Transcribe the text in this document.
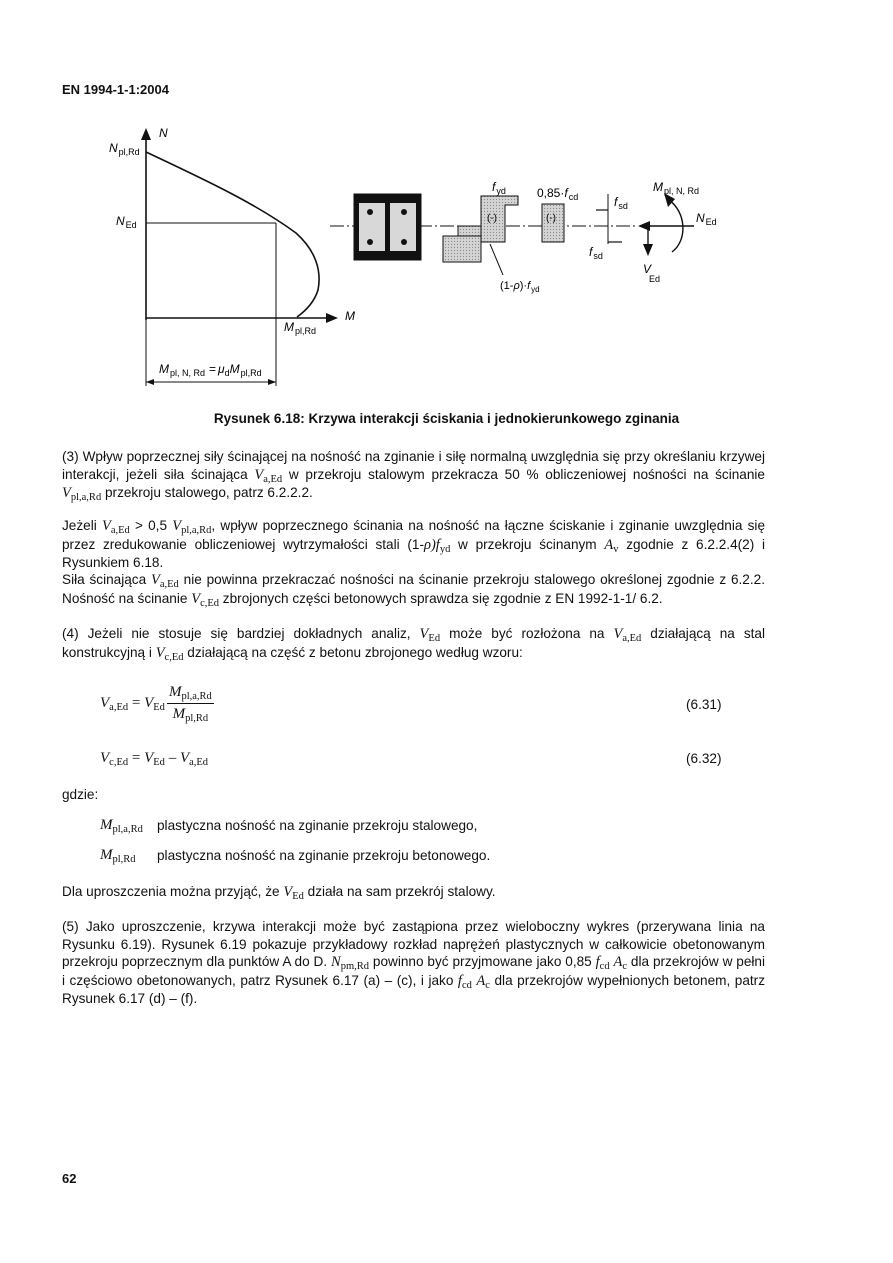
EN 1994-1-1:2004
N
M
$N_{pl,Rd}$
$N_{Ed}$
$M_{pl,Rd}$
$M_{pl, N, Rd} = \mu_dM_{pl,Rd}$
(-)
$f_{yd}$
$(1-\rho)\cdot f_{yd}$
(-)
$0,85\cdot f_{cd}$	$f_{sd}$
$f_{sd}$
$M_{pl, N, Rd}$
$N_{Ed}$
V Ed
Rysunek 6.18: Krzywa interakcji ściskania i jednokierunkowego zginania
(3) Wpływ poprzecznej siły ścinającej na nośność na zginanie i siłę normalną uwzględnia się przy określaniu krzywej interakcji, jeżeli siła ścinająca $V_{a,Ed}$ w przekroju stalowym przekracza 50 % obliczeniowej nośności na ścinanie $V_{pl,a,Rd}$ przekroju stalowego, patrz 6.2.2.2.
Jeżeli $V_{a,Ed} > 0,5$ $V_{pl,a,Rd}$, wpływ poprzecznego ścinania na nośność na łączne ściskanie i zginanie uwzględnia się przez zredukowanie obliczeniowej wytrzymałości stali $(1-\rho)f_{yd}$ w przekroju ścinanym $A_v$ zgodnie z 6.2.2.4(2) i Rysunkiem 6.18.
Siła ścinająca $V_{a,Ed}$ nie powinna przekraczać nośności na ścinanie przekroju stalowego określonej zgodnie z 6.2.2. Nośność na ścinanie $V_{c,Ed}$ zbrojonych części betonowych sprawdza się zgodnie z EN 1992-1-1/ 6.2.
(4) Jeżeli nie stosuje się bardziej dokładnych analiz, $V_{Ed}$ może być rozłożona na $V_{a,Ed}$ działającą na stal konstrukcyjną i $V_{c,Ed}$ działającą na część z betonu zbrojonego według wzoru:
$V_{a,Ed} = V_{Ed} \frac{M_{pl,a,Rd}}{M_{pl,Rd}}$	(6.31)
$V_{c,Ed} = V_{Ed} - V_{a,Ed}$	(6.32)
gdzie:
$M_{pl,a,Rd}$ plastyczna nośność na zginanie przekroju stalowego,
$M_{pl,Rd}$ plastyczna nośność na zginanie przekroju betonowego.
Dla uproszczenia można przyjąć, że $V_{Ed}$ działa na sam przekrój stalowy.
(5) Jako uproszczenie, krzywa interakcji może być zastąpiona przez wieloboczny wykres (przerywana linia na Rysunku 6.19). Rysunek 6.19 pokazuje przykładowy rozkład naprężeń plastycznych w całkowicie obetonowanym przekroju poprzecznym dla punktów A do D. $N_{pm,Rd}$ powinno być przyjmowane jako 0,85 $f_{cd}$ $A_c$ dla przekrojów w pełni i częściowo obetonowanych, patrz Rysunek 6.17 (a) – (c), i jako $f_{cd}$ $A_c$ dla przekrojów wypełnionych betonem, patrz Rysunek 6.17 (d) – (f).
62
